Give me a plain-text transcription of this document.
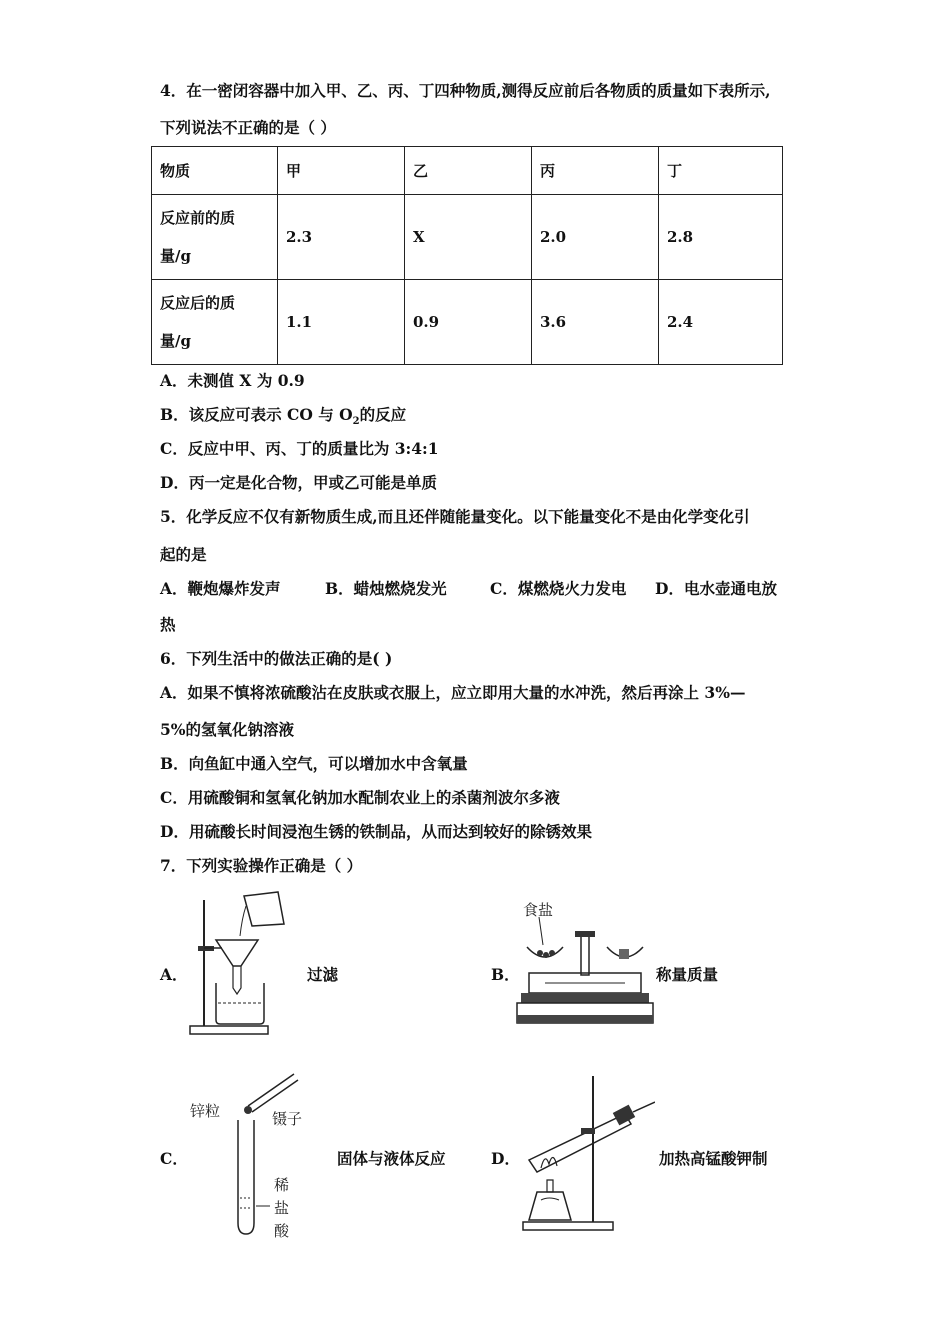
4．在一密闭容器中加入甲、乙、丙、丁四种物质,测得反应前后各物质的质量如下表所示,
下列说法不正确的是（ ）
物质	甲	乙	丙	丁

反应前的质
量/g	2.3	X	2.0	2.8

反应后的质
量/g	1.1	0.9	3.6	2.4
A．未测值 X 为 0.9
B．该反应可表示 CO 与 $O_2$的反应
C．反应中甲、丙、丁的质量比为 3:4:1
D．丙一定是化合物，甲或乙可能是单质
5．化学反应不仅有新物质生成,而且还伴随能量变化。以下能量变化不是由化学变化引
起的是
A．鞭炮爆炸发声	B．蜡烛燃烧发光	C．煤燃烧火力发电 D．电水壶通电放
热
6．下列生活中的做法正确的是( )
A．如果不慎将浓硫酸沾在皮肤或衣服上，应立即用大量的水冲洗，然后再涂上 3%—
5%的氢氧化钠溶液
B．向鱼缸中通入空气，可以增加水中含氧量
C．用硫酸铜和氢氧化钠加水配制农业上的杀菌剂波尔多液
D．用硫酸长时间浸泡生锈的铁制品，从而达到较好的除锈效果
7．下列实验操作正确是（ ）
A．	过滤	B．
食盐
称量质量
C．
锌粒	镊子
稀
盐
酸
固体与液体反应	D．	加热高锰酸钾制
